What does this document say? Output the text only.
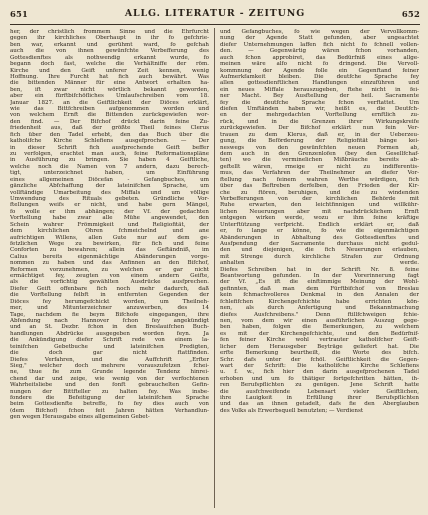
651	ALLG. LITERATUR - ZEITUNG	652
her, der christlich frommem Sinne und die Ehrfurcht
gegen ihr kirchliches Oberhaupt in ihr fo gefchrie-
ben war, erkannt und gerühmt ward, fo gefchah
auch die von ihnen gewünfchte Verbefferung des
Gottesdienftes als nothwendig erkannt wurde, fo
begann doch fast, welche die Verhältniffe der röm.
Kirche und den Geift unferer Zeit kennen, wenig
Hoffnung. Ihre Furcht hat fich auch bewährt. Was
die bittenden Männer für eine Antwort erhalten ha-
ben, ift zwar nicht wörtlich bekannt geworden,
aber ein fürftbifchöfliches Umlaufschreiben vom 18.
Januar 1827. an die Geiftlichkeit der Diöces erklärt,
wie das Bittfchreiben aufgenommen worden und
von welchem Ernft die Bittenden zurückgewiefen wor-
den find. — Der Bifchof drückt darin feine Zu-
friedenheit aus, daß der größte Theil feines Clerus
fich über den Tadel erhebt, den das Buch über die
katholifche Kirche Schlefiens ausgefprochen. — Der
in dieser Schrift fich ausfprechende Geift beffer
zu verfolgen, erachtet man auch, feine Reformationspläne
in Ausführung zu bringen. Sie haben 4 Geiftliche,
welche noch die Namen von 7 andern, dazu berech-
tigt, unterzeichnet haben, um Einführung
eines allgemeinen Diöcefan - Gefangbuches, um
gänzliche Abfchaffung der lateinifchen Sprache, um
vollftändige Umarbeitung des Miffals und um völlige
Umwendung des Rituals gebeten. Gründliche Vor-
ftellungen weifs er nicht, und habe gern Mängel,
fo wolle er ihm abhängen; der Vf. der gedachten
Vorftellung habe zwar alle Mühe angewendet, den
Schein wahrer Frömmigkeit und Religiofität, der
dem kirchlichen Ohren fchmeichelnd und ane
aufrichtigen Willens, allen Gute nur auf dem ge-
fetzlichen Wege zu bewirken, für fich und feine
Conforten zu bewahren; allein das Geftändniß, im
Calius bereits eigenmächtige Abänderungen vorge-
nommen zu haben und das Anfinnen an den Bifchof,
Reformen vorzunehmen, zu welchen er gar nicht
ermächtiget fey, zeugten von einem andern Geifte,
als die vorfichtig gewählten Ausdrücke ausfprechen.
Diefer Geift offenbare fich noch mehr dadurch, daß
die Vorftellung felbft in entfernten Gegenden der
Diöces fey herumgefchickt worden, um Theilneh-
mer, und Mitunterzeichner anzuwerben, des 14
Tage, nachdem fie beym Bifchofe eingegangen, ihre
Abfendung nach Hannover fchon fey angekündigt
und an St. Dezbr. fchon in den Breslauifchen Buch-
handlungen Abdrücke ausgegeben worden feyn. Ja
die Ankündigung diefer Schrift rede von einem la-
teinifchen Gebetbuche und lateinifchen Predigten,
die doch gar nicht ftattfinden.
Diefes Verfahren, und die Auffchrift „Erfter
Sieg," welcher doch mehrere vorauszufetzen fchei-
ne, thue fie zum Grunde legende Tendenz hinrei-
chend dar und zeige, wie wenig von der verfochtenen
Wahrheitsliebe und den fonft gebrauchelten Gefin-
nungen der Bittfteller zu halten fey. Was insbe-
fondere die Befeitigung der lateinifchen Sprache
beim Gottesdienfte betreffe, fo fey dies auch von
(dem Bifchof) fchon feit Jahren hätten Verhandlun-
gen wegen Herausgabe eines allgemeinen Gebet-
und Gefangbuches, fo wie wegen der Vervollkomm-
nung der Agende Statt gefunden, aber ungeachtet
diefer Unternehmungen laffen fich nicht fo fchnell vollen-
den. — Gegenwärtig wären fchon vorhanden,
auch fchon approbiret, das Bedürfniß eines allge-
meinen wäre alfo nicht fo dringend. Die Vervoll-
kommnung der Agende folle ein Gegenftand feiner
Aufmerkfamkeit bleiben. Die deutfche Sprache fey
allen gottesdienftlichen Handlungen einzuführen und
ein neues Miffale herauszugeben, ftehe nicht in fei-
ner Macht. Bey Ausftellung der heil. Sacramente
fey die deutfche Sprache fchon verftattet. Um
diefen Umftänden haben wir, heißt es, die Deutfch-
en der mehrgedachten Vorftellung ernftlich zu-
rück, und in die Grenzen ihrer Wirkungskreife
zurückgewiefen. Der Bifchof erklärt nun fein Ver-
trauen zu dem Klerus, daß er, in der Ueberzeu-
gung, die Beförderung der Religiofität bänge kei-
neswegs von den gewünfchten neuen Formen ab,
dem auch in den Grenzenlofen (bey den Gesellfchaf-
ten) wo die verminelichen Mißbräuche bereits ab-
geftellt wären, rmeige er nicht zu indifferentis-
mus, das Verfahren der Theilnehmer an diefer Vor-
ftellung nach feinem wahren Werthe würdigen, fich
über das Beftreben derfelben, den Frieden der Kir-
che zu ftören, beruhigen, und die zu windenden
Verbefferungen von der kirchlichen Behörde mit
Ruhe erwarten, den leichtfinnigen und willkühr-
lichen Neuerungen aber mit nachdrücklichem Ernft
entgegen wirken werde, wozu er ihm feine kräftige
Unterftützung verfpricht. Endlich erklärt er, daß
er, fo lange er könne, fo wie die eigenmächtigen
Abänderungen in Abhaltung des Gottesdienftes und
Ausfpendung der Sacramente durchaus nicht gedul-
den und diejenigen, die fich Neuerungen erlauben,
mit Strenge durch kirchliche Strafen zur Ordnung
anhalten werde.
Diefes Schreiben hat in der Schrift Nr. 8. feine
Beantwortung gefunden. In der Vorerinnerung fagt
der Vf. „Es ift die einftimmige Meinung der Wohl-
gefinnten, daß man dem Fürftbifchof von Breslau
kein fchmachvolleres Denkmal in den Annalen der
fchlefifchen Kirchengefchichte habe errichten kön-
nen, als durch Anfertigung und Bekanntmachung
diefes Ausfchreibens." Denn ftillfchweigen fchie-
nen, vom dem wir einen ausführlichen Auszug gege-
ben haben, folgen die Bemerkungen, zu welchem
es mit der Kirchengefchichte, und den Bedürfnif-
fen feiner Kirche wohl vertrauter katholifcher Geift-
licher dem Herausgeber Beyträge geliefert hat. Die
erfte Bemerkung beurtheilt, die Worte des bifch.
Schr. dafs unter der fchöl. Geiftlichkeit die Gegen-
wart der Schrift: Die katholifche Kirche Schlefiens
u. f. w., fich hier den darin ausgefprochenen Tadel
erhoben und um fo thätiger fortgefchritten hätten, ih-
ren Berufspflichten zu genügen. Jene Schrift hatte
die ausfchweifende Lebensart vieler Geiftlichen,
ihre Lauigkeit in Erfüllung ihrer Berufspflichten
und das an ihnen getadelt, dafs fie den Aberglauben
des Volks als Erwerbsquell benutzten; — Verdienst
